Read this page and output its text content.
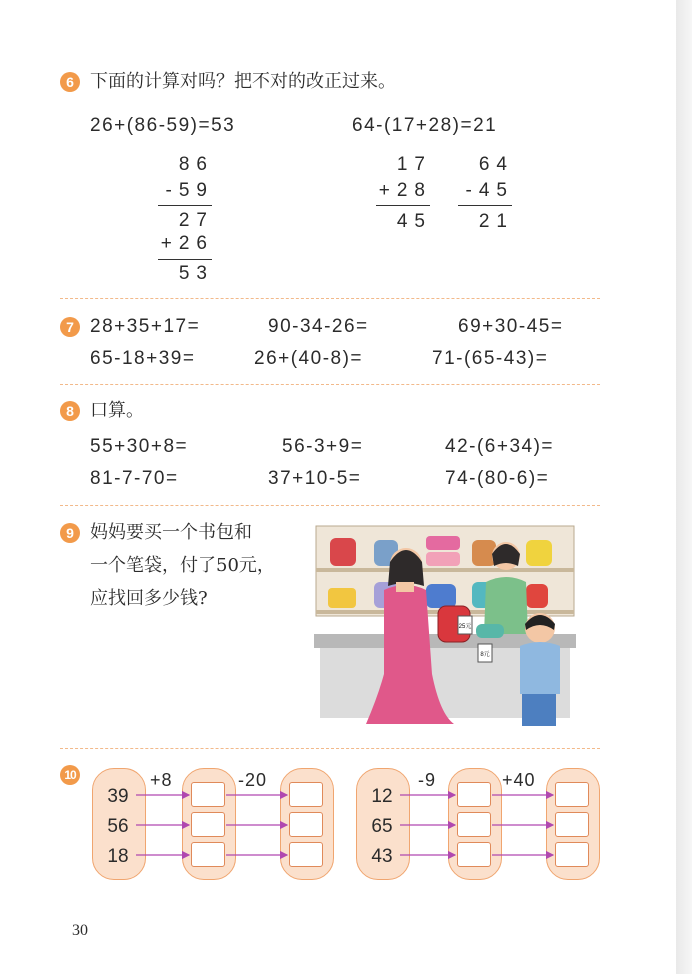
6 下面的计算对吗？把不对的改正过来。
26+(86-59)=53	64-(17+28)=21
86
-59
27
+26
53
17
+28
45
64
-45
21
7 28+35+17=	90-34-26=	69+30-45=
65-18+39=	26+(40-8)=	71-(65-43)=
8 口算。
55+30+8=	56-3+9=	42-(6+34)=
81-7-70=	37+10-5=	74-(80-6)=
9 妈妈要买一个书包和
一个笔袋，付了50元，
应找回多少钱?
25元
8元
10
39
56
18
+8	-20
12
65
43
-9	+40
30
